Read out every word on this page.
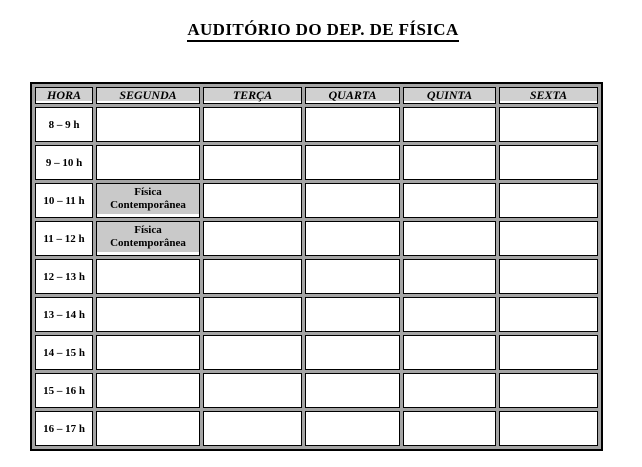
AUDITÓRIO DO DEP. DE FÍSICA
HORA	SEGUNDA	TERÇA	QUARTA	QUINTA	SEXTA
8 – 9 h					
9 – 10 h					
10 – 11 h	Física Contemporânea				

11 – 12 h	Física Contemporânea				

12 – 13 h					
13 – 14 h					
14 – 15 h					
15 – 16 h					
16 – 17 h					
